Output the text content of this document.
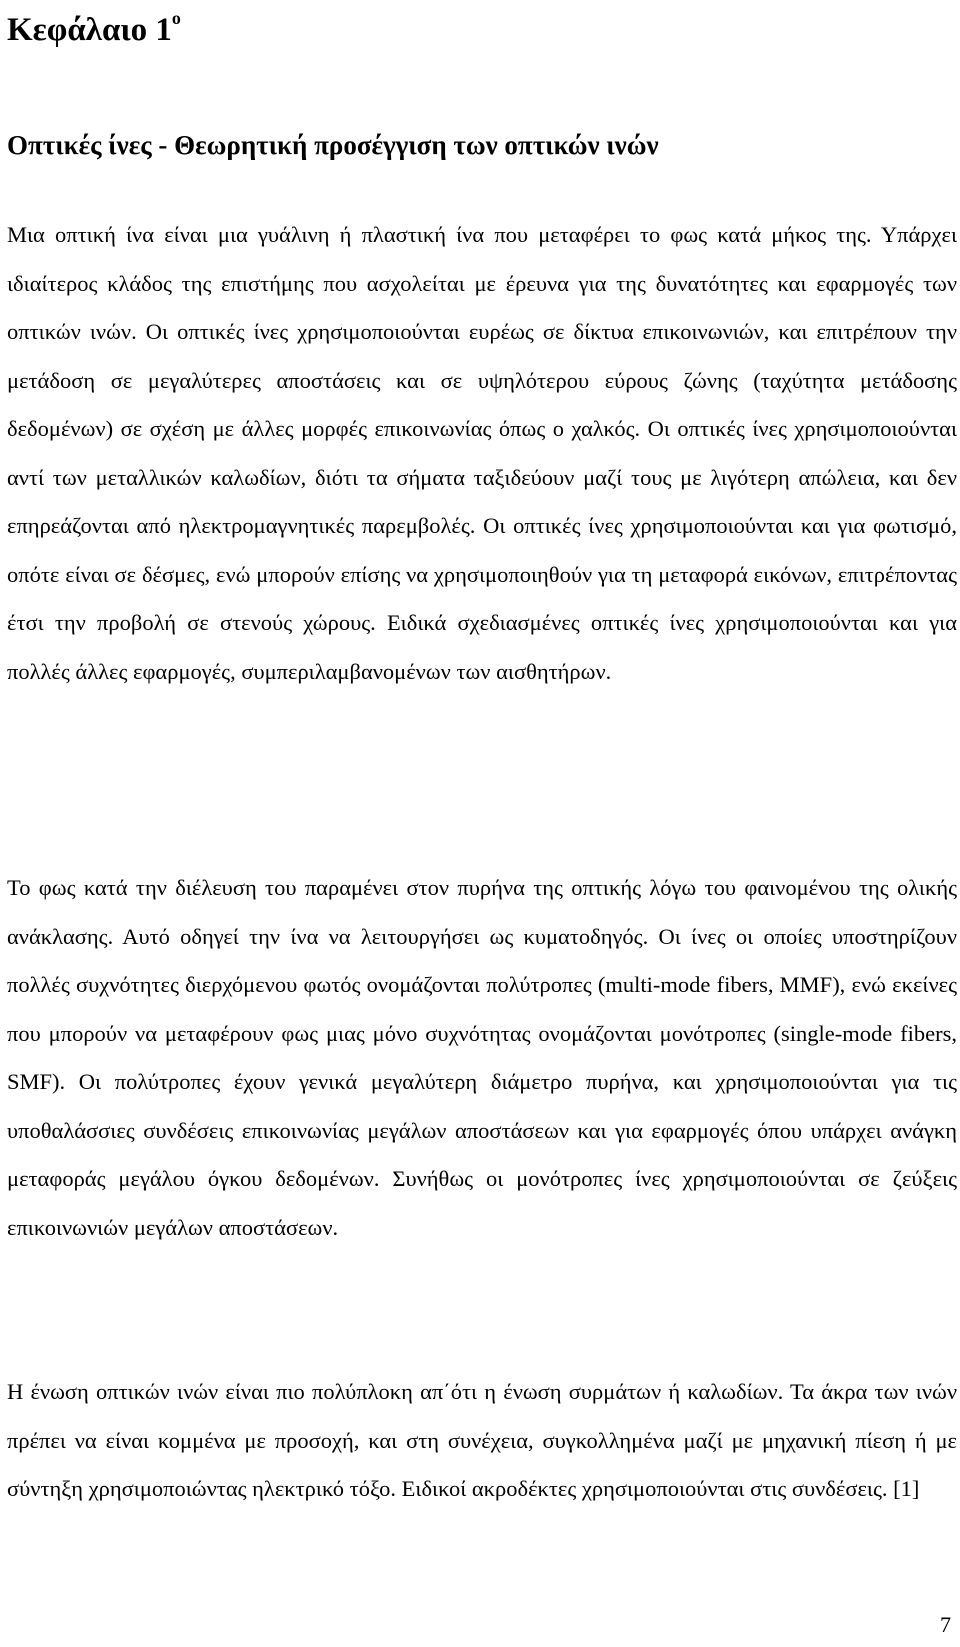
Κεφάλαιο $1^o$
Οπτικές ίνες - Θεωρητική προσέγγιση των οπτικών ινών

Μια οπτική ίνα είναι μια γυάλινη ή πλαστική ίνα που μεταφέρει το φως κατά μήκος της. Υπάρχει ιδιαίτερος κλάδος της επιστήμης που ασχολείται με έρευνα για της δυνατότητες και εφαρμογές των οπτικών ινών. Οι οπτικές ίνες χρησιμοποιούνται ευρέως σε δίκτυα επικοινωνιών, και επιτρέπουν την μετάδοση σε μεγαλύτερες αποστάσεις και σε υψηλότερου εύρους ζώνης (ταχύτητα μετάδοσης δεδομένων) σε σχέση με άλλες μορφές επικοινωνίας όπως ο χαλκός. Οι οπτικές ίνες χρησιμοποιούνται αντί των μεταλλικών καλωδίων, διότι τα σήματα ταξιδεύουν μαζί τους με λιγότερη απώλεια, και δεν επηρεάζονται από ηλεκτρομαγνητικές παρεμβολές. Οι οπτικές ίνες χρησιμοποιούνται και για φωτισμό, οπότε είναι σε δέσμες, ενώ μπορούν επίσης να χρησιμοποιηθούν για τη μεταφορά εικόνων, επιτρέποντας έτσι την προβολή σε στενούς χώρους. Ειδικά σχεδιασμένες οπτικές ίνες χρησιμοποιούνται και για πολλές άλλες εφαρμογές, συμπεριλαμβανομένων των αισθητήρων.

Το φως κατά την διέλευση του παραμένει στον πυρήνα της οπτικής λόγω του φαινομένου της ολικής ανάκλασης. Αυτό οδηγεί την ίνα να λειτουργήσει ως κυματοδηγός. Οι ίνες οι οποίες υποστηρίζουν πολλές συχνότητες διερχόμενου φωτός ονομάζονται πολύτροπες (multi-mode fibers, MMF), ενώ εκείνες που μπορούν να μεταφέρουν φως μιας μόνο συχνότητας ονομάζονται μονότροπες (single-mode fibers, SMF). Οι πολύτροπες έχουν γενικά μεγαλύτερη διάμετρο πυρήνα, και χρησιμοποιούνται για τις υποθαλάσσιες συνδέσεις επικοινωνίας μεγάλων αποστάσεων και για εφαρμογές όπου υπάρχει ανάγκη μεταφοράς μεγάλου όγκου δεδομένων. Συνήθως οι μονότροπες ίνες χρησιμοποιούνται σε ζεύξεις επικοινωνιών μεγάλων αποστάσεων.

Η ένωση οπτικών ινών είναι πιο πολύπλοκη απ΄ότι η ένωση συρμάτων ή καλωδίων. Τα άκρα των ινών πρέπει να είναι κομμένα με προσοχή, και στη συνέχεια, συγκολλημένα μαζί με μηχανική πίεση ή με σύντηξη χρησιμοποιώντας ηλεκτρικό τόξο. Ειδικοί ακροδέκτες χρησιμοποιούνται στις συνδέσεις. [1]

7
